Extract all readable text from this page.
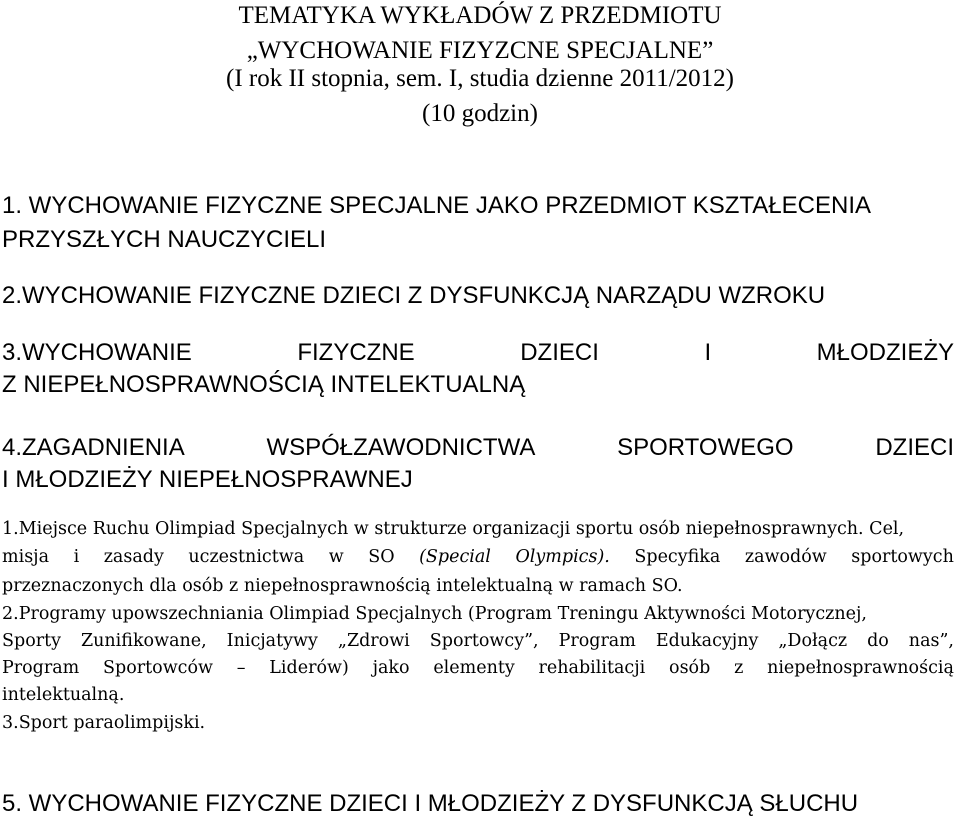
TEMATYKA WYKŁADÓW Z PRZEDMIOTU
„WYCHOWANIE FIZYZCNE SPECJALNE”
(I rok II stopnia, sem. I, studia dzienne 2011/2012)
(10 godzin)
1. WYCHOWANIE FIZYCZNE SPECJALNE JAKO PRZEDMIOT KSZTAŁECENIA
PRZYSZŁYCH NAUCZYCIELI
2.WYCHOWANIE FIZYCZNE DZIECI Z DYSFUNKCJĄ NARZĄDU WZROKU
3.WYCHOWANIE	FIZYCZNE	DZIECI	I	MŁODZIEŻY
Z NIEPEŁNOSPRAWNOŚCIĄ INTELEKTUALNĄ
4.ZAGADNIENIA	WSPÓŁZAWODNICTWA	SPORTOWEGO	DZIECI
I MŁODZIEŻY NIEPEŁNOSPRAWNEJ
1.Miejsce Ruchu Olimpiad Specjalnych w strukturze organizacji sportu osób niepełnosprawnych. Cel,
misja i zasady uczestnictwa w SO (Special Olympics). Specyfika zawodów sportowych
przeznaczonych dla osób z niepełnosprawnością intelektualną w ramach SO.
2.Programy upowszechniania Olimpiad Specjalnych (Program Treningu Aktywności Motorycznej,
Sporty Zunifikowane, Inicjatywy „Zdrowi Sportowcy”, Program Edukacyjny „Dołącz do nas”,
Program Sportowców – Liderów) jako elementy rehabilitacji osób z niepełnosprawnością
intelektualną.
3.Sport paraolimpijski.
5. WYCHOWANIE FIZYCZNE DZIECI I MŁODZIEŻY Z DYSFUNKCJĄ SŁUCHU
